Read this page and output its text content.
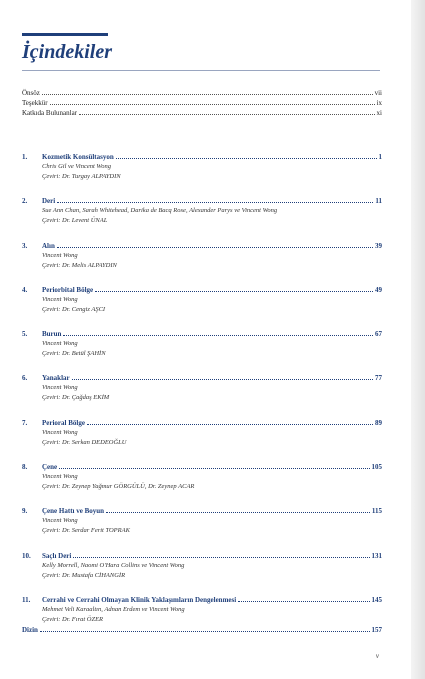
İçindekiler
Önsöz	vii
Teşekkür	ix
Katkıda Bulunanlar	xi
1.	Kozmetik Konsültasyon	1
Chris Gil ve Vincent Wong
Çeviri: Dr. Turgay ALPAYDIN
2.	Deri	11
Sue Ann Chan, Sarah Whitehead, Darika de Bacq Rose, Alexander Parys ve Vincent Wong
Çeviri: Dr. Levent ÜNAL
3.	Alın	39
Vincent Wong
Çeviri: Dr. Melis ALPAYDIN
4.	Periorbital Bölge	49
Vincent Wong
Çeviri: Dr. Cengiz AŞCI
5.	Burun	67
Vincent Wong
Çeviri: Dr. Betül ŞAHİN
6.	Yanaklar	77
Vincent Wong
Çeviri: Dr. Çağdaş EKİM
7.	Perioral Bölge	89
Vincent Wong
Çeviri: Dr. Serkan DEDEOĞLU
8.	Çene	105
Vincent Wong
Çeviri: Dr. Zeynep Yağmur GÖRGÜLÜ, Dr. Zeynep ACAR
9.	Çene Hattı ve Boyun	115
Vincent Wong
Çeviri: Dr. Serdar Ferit TOPRAK
10.	Saçlı Deri	131
Kelly Morrell, Naomi O'Hara Collins ve Vincent Wong
Çeviri: Dr. Mustafa CİHANGİR
11.	Cerrahi ve Cerrahi Olmayan Klinik Yaklaşımların Dengelenmesi	145
Mehmet Veli Karaaltın, Adnan Erdem ve Vincent Wong
Çeviri: Dr. Fırat ÖZER
Dizin	157
v
